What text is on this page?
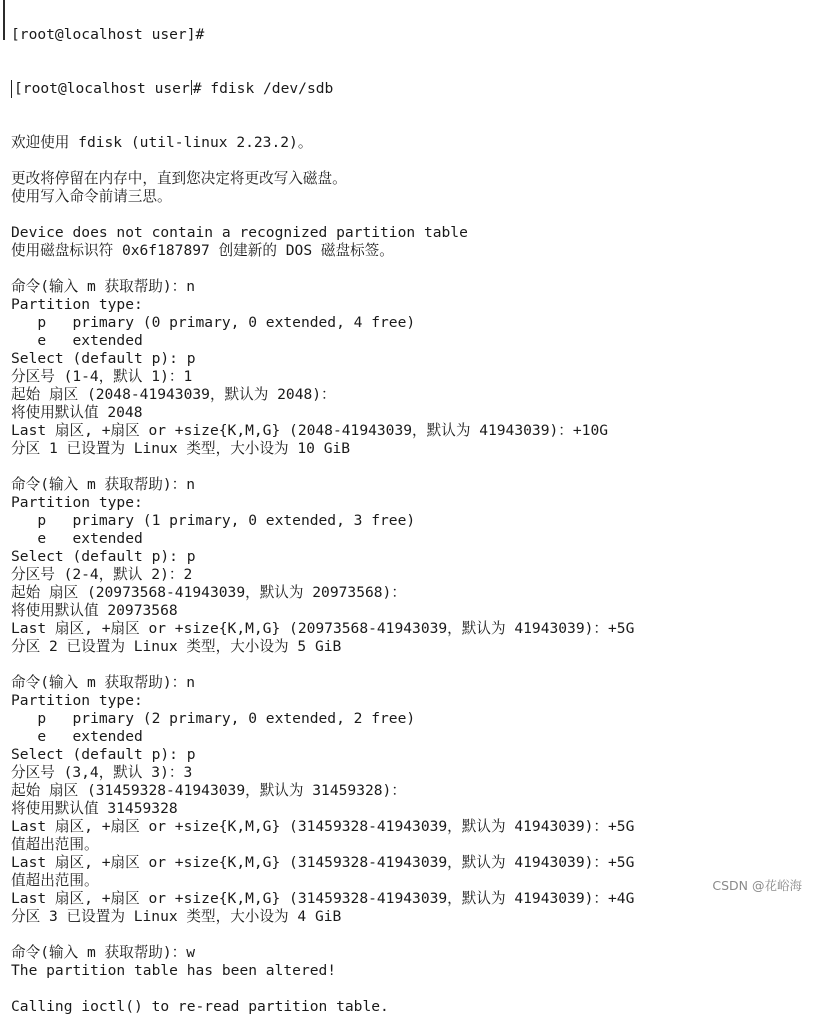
[root@localhost user]#

[root@localhost user # fdisk /dev/sdb

欢迎使用 fdisk (util-linux 2.23.2)。
更改将停留在内存中，直到您决定将更改写入磁盘。
使用写入命令前请三思。
Device does not contain a recognized partition table
使用磁盘标识符 0x6f187897 创建新的 DOS 磁盘标签。
命令(输入 m 获取帮助)：n
Partition type:
p   primary (0 primary, 0 extended, 4 free)
e   extended
Select (default p): p
分区号 (1-4，默认 1)：1
起始 扇区 (2048-41943039，默认为 2048)：
将使用默认值 2048
Last 扇区, +扇区 or +size{K,M,G} (2048-41943039，默认为 41943039)：+10G
分区 1 已设置为 Linux 类型，大小设为 10 GiB
命令(输入 m 获取帮助)：n
Partition type:
p   primary (1 primary, 0 extended, 3 free)
e   extended
Select (default p): p
分区号 (2-4，默认 2)：2
起始 扇区 (20973568-41943039，默认为 20973568)：
将使用默认值 20973568
Last 扇区, +扇区 or +size{K,M,G} (20973568-41943039，默认为 41943039)：+5G
分区 2 已设置为 Linux 类型，大小设为 5 GiB
命令(输入 m 获取帮助)：n
Partition type:
p   primary (2 primary, 0 extended, 2 free)
e   extended
Select (default p): p
分区号 (3,4，默认 3)：3
起始 扇区 (31459328-41943039，默认为 31459328)：
将使用默认值 31459328
Last 扇区, +扇区 or +size{K,M,G} (31459328-41943039，默认为 41943039)：+5G
值超出范围。
Last 扇区, +扇区 or +size{K,M,G} (31459328-41943039，默认为 41943039)：+5G
值超出范围。
Last 扇区, +扇区 or +size{K,M,G} (31459328-41943039，默认为 41943039)：+4G
分区 3 已设置为 Linux 类型，大小设为 4 GiB
命令(输入 m 获取帮助)：w
The partition table has been altered!
Calling ioctl() to re-read partition table.
CSDN @花峪海
